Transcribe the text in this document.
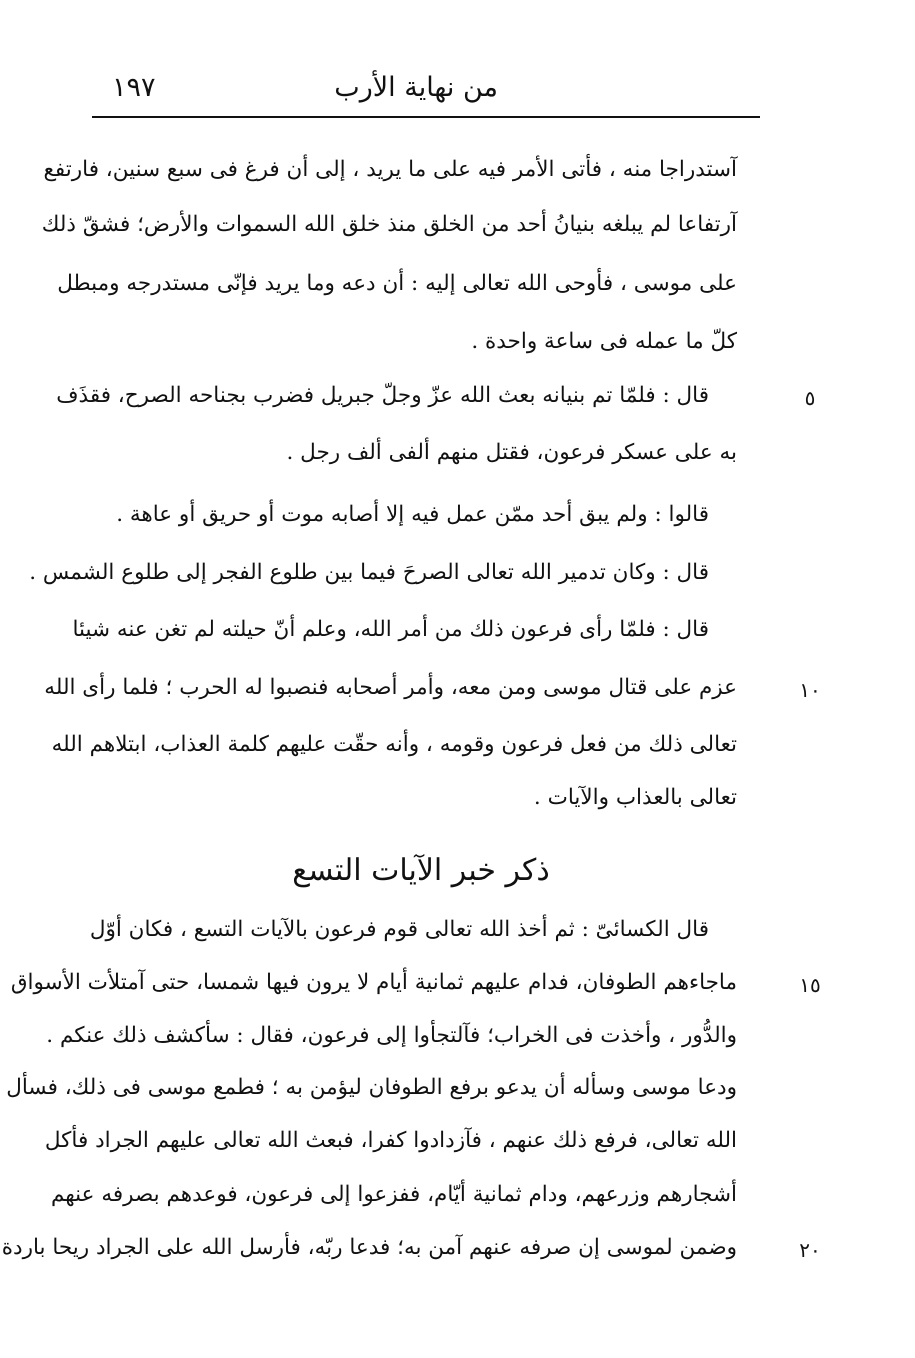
من نهاية الأرب
١٩٧
آستدراجا منه ، فأتى الأمر فيه على ما يريد ، إلى أن فرغ فى سبع سنين، فارتفع
آرتفاعا لم يبلغه بنيانُ أحد من الخلق منذ خلق الله السموات والأرض؛ فشقّ ذلك
على موسى ، فأوحى الله تعالى إليه : أن دعه وما يريد فإنّى مستدرجه ومبطل
كلّ ما عمله فى ساعة واحدة .
قال : فلمّا تم بنيانه بعث الله عزّ وجلّ جبريل فضرب بجناحه الصرح، فقذَف
به على عسكر فرعون، فقتل منهم ألفى ألف رجل .
قالوا : ولم يبق أحد ممّن عمل فيه إلا أصابه موت أو حريق أو عاهة .
قال : وكان تدمير الله تعالى الصرحَ فيما بين طلوع الفجر إلى طلوع الشمس .
قال : فلمّا رأى فرعون ذلك من أمر الله، وعلم أنّ حيلته لم تغن عنه شيئا
عزم على قتال موسى ومن معه، وأمر أصحابه فنصبوا له الحرب ؛ فلما رأى الله
تعالى ذلك من فعل فرعون وقومه ، وأنه حقّت عليهم كلمة العذاب، ابتلاهم الله
تعالى بالعذاب والآيات .
قال الكسائىّ : ثم أخذ الله تعالى قوم فرعون بالآيات التسع ، فكان أوّل
ماجاءهم الطوفان، فدام عليهم ثمانية أيام لا يرون فيها شمسا، حتى آمتلأت الأسواق
والدُّور ، وأخذت فى الخراب؛ فآلتجأوا إلى فرعون، فقال : سأكشف ذلك عنكم .
ودعا موسى وسأله أن يدعو برفع الطوفان ليؤمن به ؛ فطمع موسى فى ذلك، فسأل
الله تعالى، فرفع ذلك عنهم ، فآزدادوا كفرا، فبعث الله تعالى عليهم الجراد فأكل
أشجارهم وزرعهم، ودام ثمانية أيّام، ففزعوا إلى فرعون، فوعدهم بصرفه عنهم
وضمن لموسى إن صرفه عنهم آمن به؛ فدعا ربّه، فأرسل الله على الجراد ريحا باردة
ذكر خبر الآيات التسع
٥
١٠
١٥
٢٠
